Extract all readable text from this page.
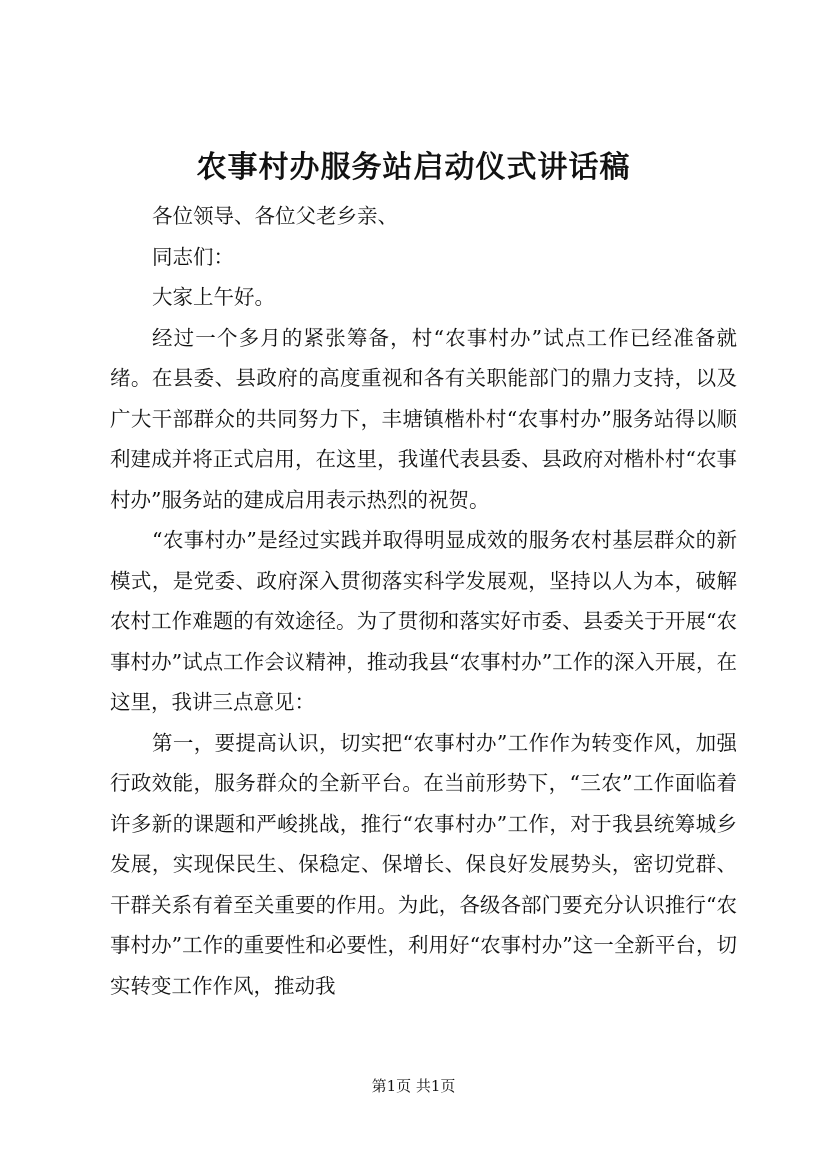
农事村办服务站启动仪式讲话稿

各位领导、各位父老乡亲、

同志们：

大家上午好。

经过一个多月的紧张筹备，村“农事村办”试点工作已经准备就绪。在县委、县政府的高度重视和各有关职能部门的鼎力支持，以及广大干部群众的共同努力下，丰塘镇楷朴村“农事村办”服务站得以顺利建成并将正式启用，在这里，我谨代表县委、县政府对楷朴村“农事村办”服务站的建成启用表示热烈的祝贺。

“农事村办”是经过实践并取得明显成效的服务农村基层群众的新模式，是党委、政府深入贯彻落实科学发展观，坚持以人为本，破解农村工作难题的有效途径。为了贯彻和落实好市委、县委关于开展“农事村办”试点工作会议精神，推动我县“农事村办”工作的深入开展，在这里，我讲三点意见：

第一，要提高认识，切实把“农事村办”工作作为转变作风，加强行政效能，服务群众的全新平台。在当前形势下，“三农”工作面临着许多新的课题和严峻挑战，推行“农事村办”工作，对于我县统筹城乡发展，实现保民生、保稳定、保增长、保良好发展势头，密切党群、干群关系有着至关重要的作用。为此，各级各部门要充分认识推行“农事村办”工作的重要性和必要性，利用好“农事村办”这一全新平台，切实转变工作作风，推动我

第1页 共1页
